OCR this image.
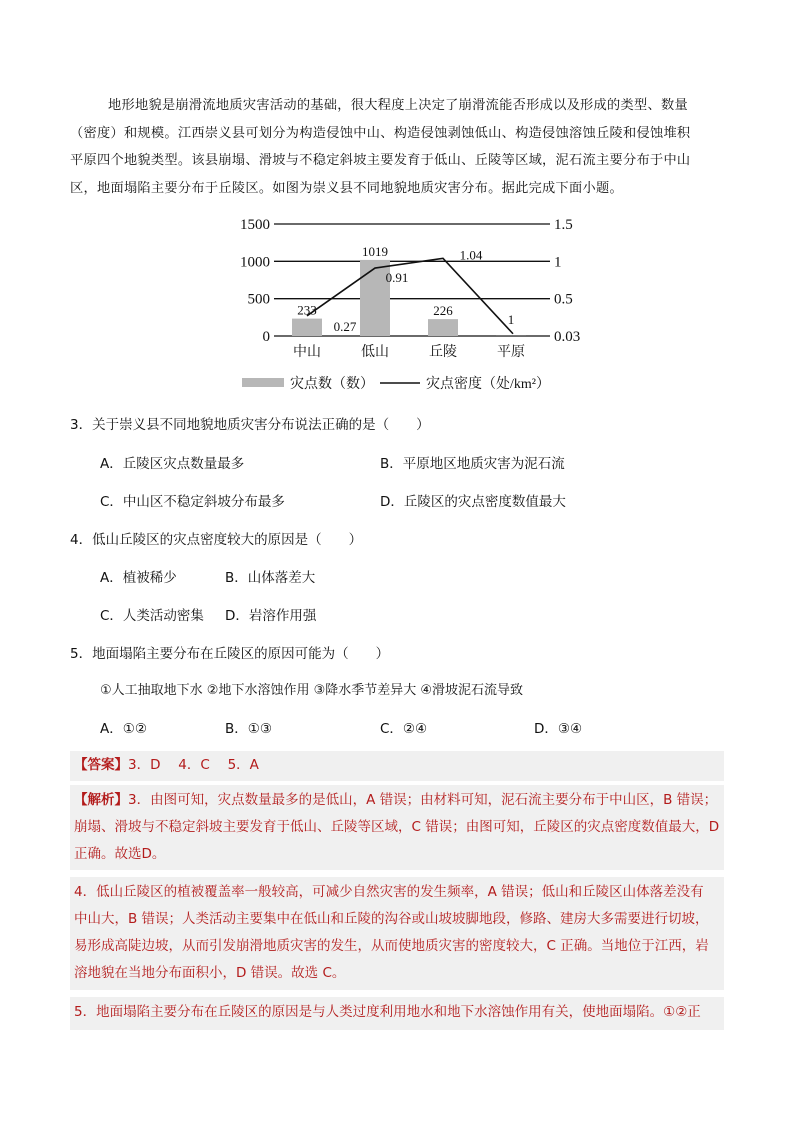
地形地貌是崩滑流地质灾害活动的基础，很大程度上决定了崩滑流能否形成以及形成的类型、数量
（密度）和规模。江西崇义县可划分为构造侵蚀中山、构造侵蚀剥蚀低山、构造侵蚀溶蚀丘陵和侵蚀堆积
平原四个地貌类型。该县崩塌、滑坡与不稳定斜坡主要发育于低山、丘陵等区域，泥石流主要分布于中山
区，地面塌陷主要分布于丘陵区。如图为崇义县不同地貌地质灾害分布。据此完成下面小题。
1500	1.5
1000	1
500	0.5
0	0.03
233
1019
226
0.27
0.91
1.04
1
中山	低山	丘陵	平原
灾点数（数）	灾点密度（处/km²）
3．关于崇义县不同地貌地质灾害分布说法正确的是（　　）
A．丘陵区灾点数量最多	B．平原地区地质灾害为泥石流
C．中山区不稳定斜坡分布最多	D．丘陵区的灾点密度数值最大
4．低山丘陵区的灾点密度较大的原因是（　　）
A．植被稀少	B．山体落差大
C．人类活动密集 D．岩溶作用强
5．地面塌陷主要分布在丘陵区的原因可能为（　　）
①人工抽取地下水 ②地下水溶蚀作用 ③降水季节差异大 ④滑坡泥石流导致
A．①②	B．①③	C．②④	D．③④
【答案】3．D　 4．C　 5．A
【解析】3．由图可知，灾点数量最多的是低山，A 错误；由材料可知，泥石流主要分布于中山区，B 错误；
崩塌、滑坡与不稳定斜坡主要发育于低山、丘陵等区域，C 错误；由图可知，丘陵区的灾点密度数值最大，D
正确。故选D。
4．低山丘陵区的植被覆盖率一般较高，可减少自然灾害的发生频率，A 错误；低山和丘陵区山体落差没有
中山大，B 错误；人类活动主要集中在低山和丘陵的沟谷或山坡坡脚地段，修路、建房大多需要进行切坡，
易形成高陡边坡，从而引发崩滑地质灾害的发生，从而使地质灾害的密度较大，C 正确。当地位于江西，岩
溶地貌在当地分布面积小，D 错误。故选 C。
5．地面塌陷主要分布在丘陵区的原因是与人类过度利用地水和地下水溶蚀作用有关，使地面塌陷。①②正
